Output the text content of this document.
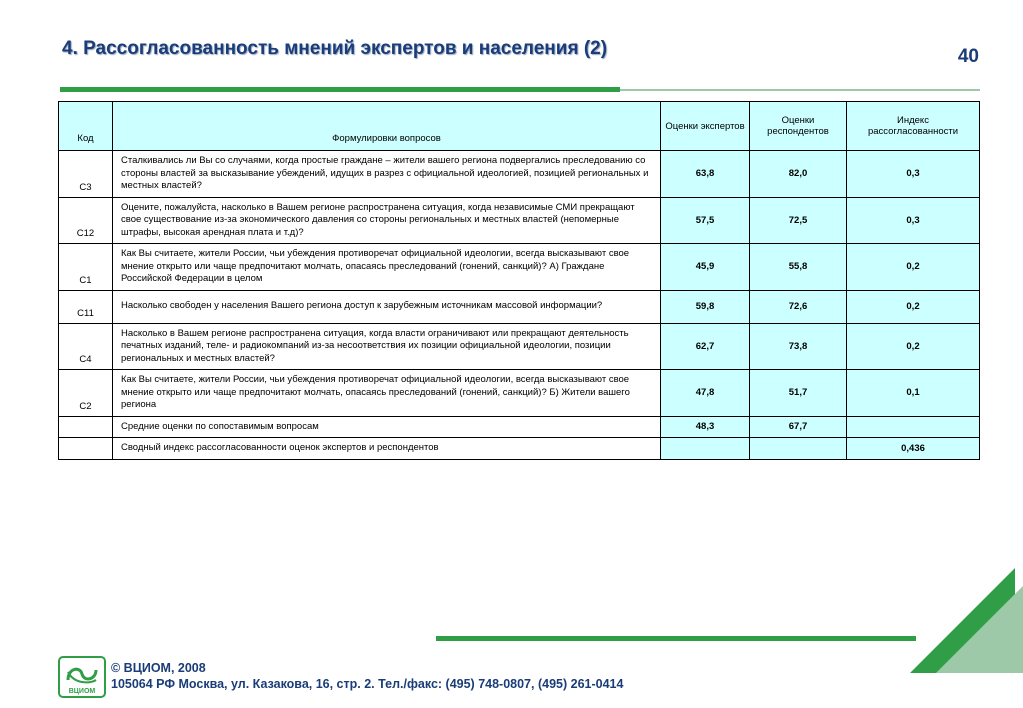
4. Рассогласованность мнений экспертов и населения (2)	40
Код	Формулировки вопросов	Оценки экспертов	Оценки респондентов	Индекс рассогласованности
C3	Сталкивались ли Вы со случаями, когда простые граждане – жители вашего региона подвергались преследованию со стороны властей за высказывание убеждений, идущих в разрез с официальной идеологией, позицией региональных и местных властей?	63,8	82,0	0,3
C12	Оцените, пожалуйста, насколько в Вашем регионе распространена ситуация, когда независимые СМИ прекращают свое существование из-за экономического давления со стороны региональных и местных властей (непомерные штрафы, высокая арендная плата и т.д)?	57,5	72,5	0,3
C1	Как Вы считаете, жители России, чьи убеждения противоречат официальной идеологии, всегда высказывают свое мнение открыто или чаще предпочитают молчать, опасаясь преследований (гонений, санкций)? А) Граждане Российской Федерации в целом	45,9	55,8	0,2
C11	Насколько свободен у населения Вашего региона доступ к зарубежным источникам массовой информации?	59,8	72,6	0,2
C4	Насколько в Вашем регионе распространена ситуация, когда власти ограничивают или прекращают деятельность печатных изданий, теле- и радиокомпаний из-за несоответствия их позиции официальной идеологии, позиции региональных и местных властей?	62,7	73,8	0,2
C2	Как Вы считаете, жители России, чьи убеждения противоречат официальной идеологии, всегда высказывают свое мнение открыто или чаще предпочитают молчать, опасаясь преследований (гонений, санкций)? Б) Жители вашего региона	47,8	51,7	0,1
	Средние оценки по сопоставимым вопросам	48,3	67,7	
	Сводный индекс рассогласованности оценок экспертов и респондентов			0,436
ВЦИОМ
© ВЦИОМ, 2008
105064 РФ Москва, ул. Казакова, 16, стр. 2. Тел./факс: (495) 748-0807, (495) 261-0414
